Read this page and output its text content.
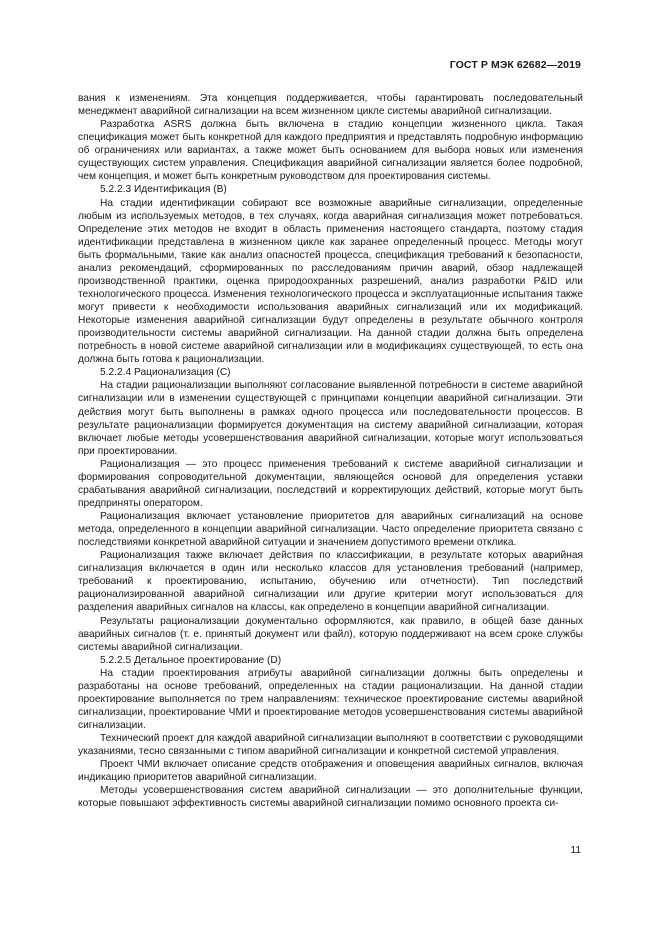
ГОСТ Р МЭК 62682—2019

вания к изменениям. Эта концепция поддерживается, чтобы гарантировать последовательный менеджмент аварийной сигнализации на всем жизненном цикле системы аварийной сигнализации.

Разработка ASRS должна быть включена в стадию концепции жизненного цикла. Такая спецификация может быть конкретной для каждого предприятия и представлять подробную информацию об ограничениях или вариантах, а также может быть основанием для выбора новых или изменения существующих систем управления. Спецификация аварийной сигнализации является более подробной, чем концепция, и может быть конкретным руководством для проектирования системы.

5.2.2.3 Идентификация (B)

На стадии идентификации собирают все возможные аварийные сигнализации, определенные любым из используемых методов, в тех случаях, когда аварийная сигнализация может потребоваться. Определение этих методов не входит в область применения настоящего стандарта, поэтому стадия идентификации представлена в жизненном цикле как заранее определенный процесс. Методы могут быть формальными, такие как анализ опасностей процесса, спецификация требований к безопасности, анализ рекомендаций, сформированных по расследованиям причин аварий, обзор надлежащей производственной практики, оценка природоохранных разрешений, анализ разработки P&ID или технологического процесса. Изменения технологического процесса и эксплуатационные испытания также могут привести к необходимости использования аварийных сигнализаций или их модификаций. Некоторые изменения аварийной сигнализации будут определены в результате обычного контроля производительности системы аварийной сигнализации. На данной стадии должна быть определена потребность в новой системе аварийной сигнализации или в модификациях существующей, то есть она должна быть готова к рационализации.

5.2.2.4 Рационализация (C)

На стадии рационализации выполняют согласование выявленной потребности в системе аварийной сигнализации или в изменении существующей с принципами концепции аварийной сигнализации. Эти действия могут быть выполнены в рамках одного процесса или последовательности процессов. В результате рационализации формируется документация на систему аварийной сигнализации, которая включает любые методы усовершенствования аварийной сигнализации, которые могут использоваться при проектировании.

Рационализация — это процесс применения требований к системе аварийной сигнализации и формирования сопроводительной документации, являющейся основой для определения уставки срабатывания аварийной сигнализации, последствий и корректирующих действий, которые могут быть предприняты оператором.

Рационализация включает установление приоритетов для аварийных сигнализаций на основе метода, определенного в концепции аварийной сигнализации. Часто определение приоритета связано с последствиями конкретной аварийной ситуации и значением допустимого времени отклика.

Рационализация также включает действия по классификации, в результате которых аварийная сигнализация включается в один или несколько классов для установления требований (например, требований к проектированию, испытанию, обучению или отчетности). Тип последствий рационализированной аварийной сигнализации или другие критерии могут использоваться для разделения аварийных сигналов на классы, как определено в концепции аварийной сигнализации.

Результаты рационализации документально оформляются, как правило, в общей базе данных аварийных сигналов (т. е. принятый документ или файл), которую поддерживают на всем сроке службы системы аварийной сигнализации.

5.2.2.5 Детальное проектирование (D)

На стадии проектирования атрибуты аварийной сигнализации должны быть определены и разработаны на основе требований, определенных на стадии рационализации. На данной стадии проектирование выполняется по трем направлениям: техническое проектирование системы аварийной сигнализации, проектирование ЧМИ и проектирование методов усовершенствования системы аварийной сигнализации.

Технический проект для каждой аварийной сигнализации выполняют в соответствии с руководящими указаниями, тесно связанными с типом аварийной сигнализации и конкретной системой управления.

Проект ЧМИ включает описание средств отображения и оповещения аварийных сигналов, включая индикацию приоритетов аварийной сигнализации.

Методы усовершенствования систем аварийной сигнализации — это дополнительные функции, которые повышают эффективность системы аварийной сигнализации помимо основного проекта си-

11
